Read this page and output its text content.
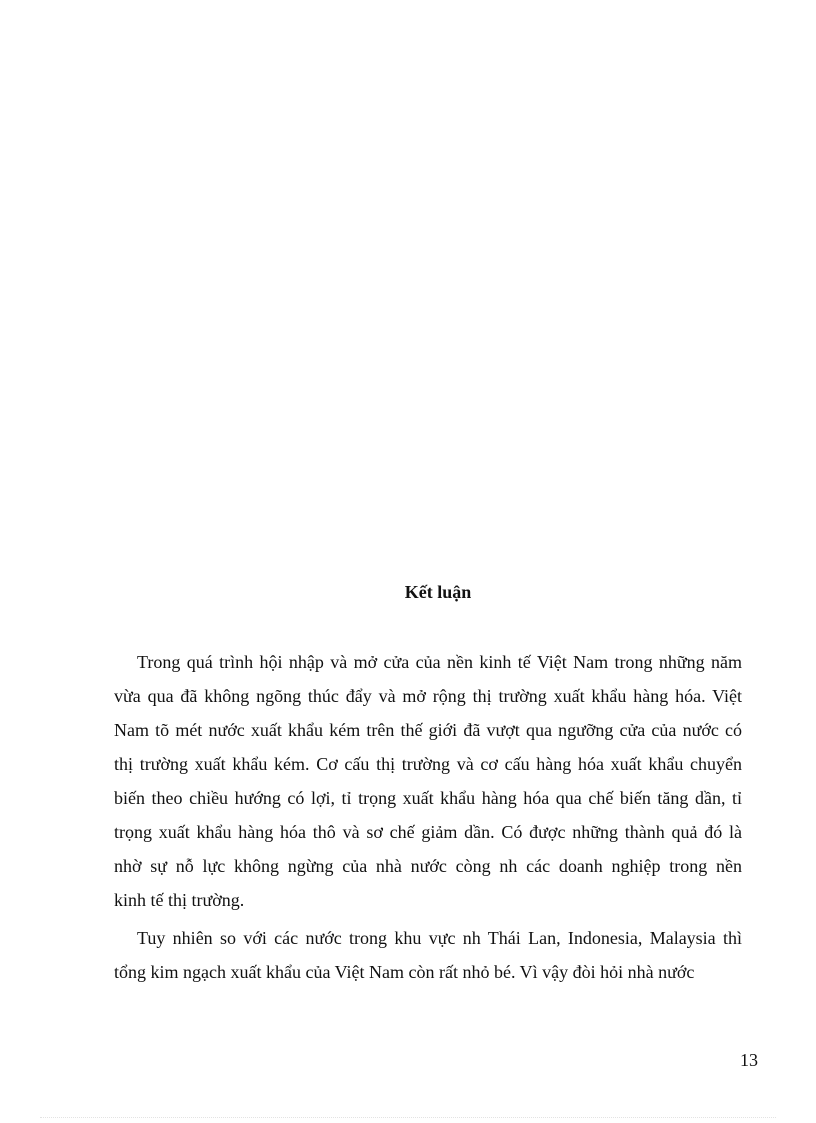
Kết luận
Trong quá trình hội nhập và mở cửa của nền kinh tế Việt Nam trong những năm
vừa qua đã không ngõng thúc đẩy và mở rộng thị trường xuất khẩu hàng hóa. Việt
Nam tõ mét nước xuất khẩu kém trên thế giới đã vượt qua ngưỡng cửa của nước có
thị trường xuất khẩu kém. Cơ cấu thị trường và cơ cấu hàng hóa xuất khẩu chuyển
biến theo chiều hướng có lợi, tỉ trọng xuất khẩu hàng hóa qua chế biến tăng dần, tỉ
trọng xuất khẩu hàng hóa thô và sơ chế giảm dần. Có được những thành quả đó là
nhờ sự nỗ lực không ngừng của nhà nước còng nh các doanh nghiệp trong nền
kinh tế thị trường.
Tuy nhiên so với các nước trong khu vực nh Thái Lan, Indonesia, Malaysia thì
tổng kim ngạch xuất khẩu của Việt Nam còn rất nhỏ bé. Vì vậy đòi hỏi nhà nước
13
